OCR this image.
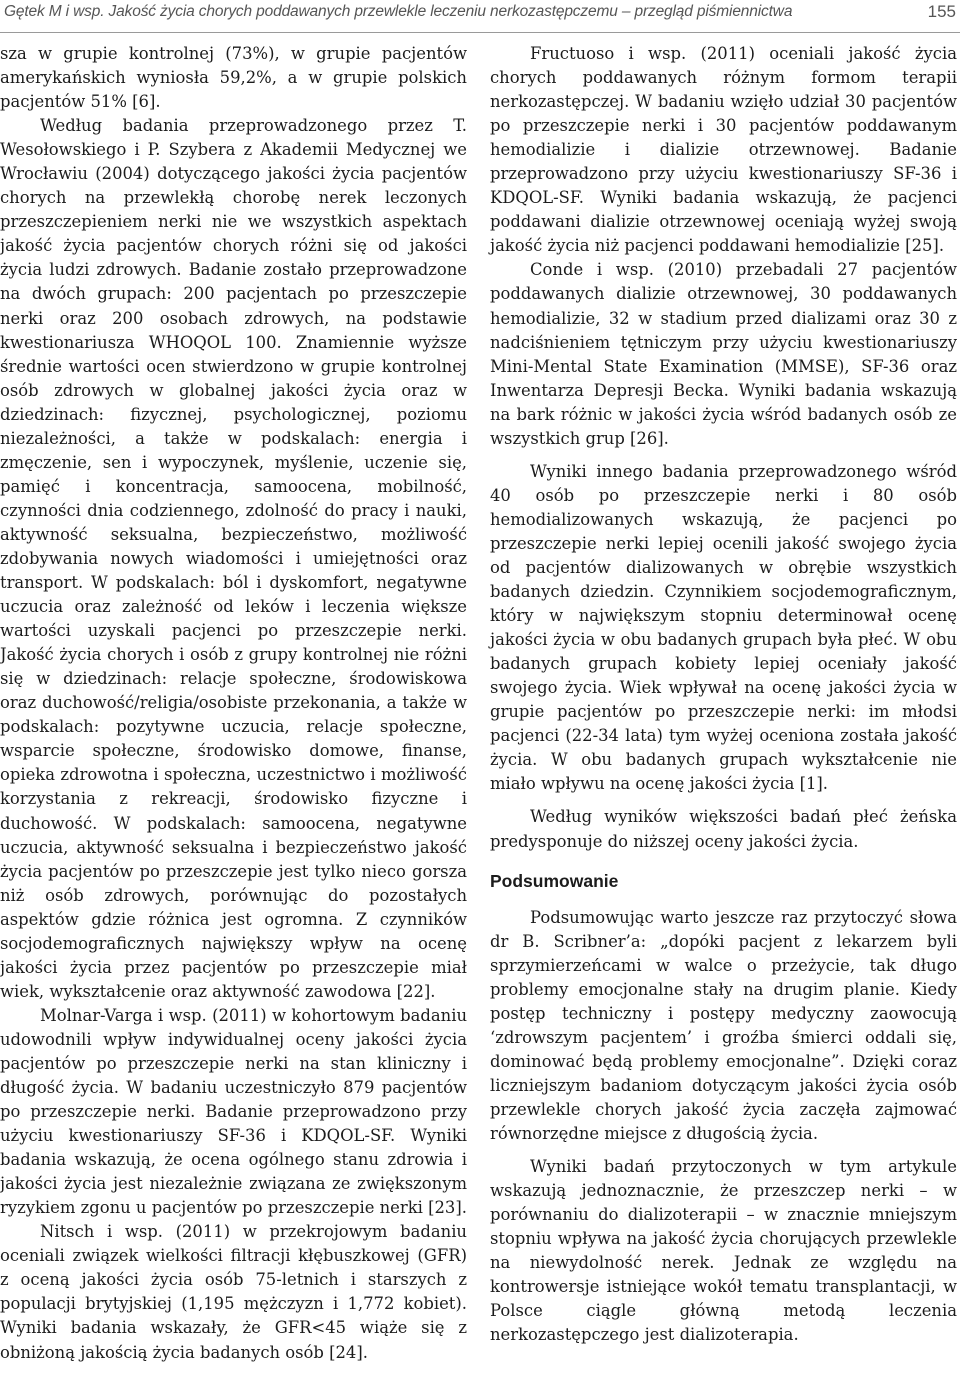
Gętek M i wsp. Jakość życia chorych poddawanych przewlekle leczeniu nerkozastępczemu – przegląd piśmiennictwa	155

sza w grupie kontrolnej (73%), w grupie pacjentów amerykańskich wyniosła 59,2%, a w grupie polskich pacjentów 51% [6].

Według badania przeprowadzonego przez T. Wesołowskiego i P. Szybera z Akademii Medycznej we Wrocławiu (2004) dotyczącego jakości życia pacjentów chorych na przewlekłą chorobę nerek leczonych przeszczepieniem nerki nie we wszystkich aspektach jakość życia pacjentów chorych różni się od jakości życia ludzi zdrowych. Badanie zostało przeprowadzone na dwóch grupach: 200 pacjentach po przeszczepie nerki oraz 200 osobach zdrowych, na podstawie kwestionariusza WHOQOL 100. Znamiennie wyższe średnie wartości ocen stwierdzono w grupie kontrolnej osób zdrowych w globalnej jakości życia oraz w dziedzinach: fizycznej, psychologicznej, poziomu niezależności, a także w podskalach: energia i zmęczenie, sen i wypoczynek, myślenie, uczenie się, pamięć i koncentracja, samoocena, mobilność, czynności dnia codziennego, zdolność do pracy i nauki, aktywność seksualna, bezpieczeństwo, możliwość zdobywania nowych wiadomości i umiejętności oraz transport. W podskalach: ból i dyskomfort, negatywne uczucia oraz zależność od leków i leczenia większe wartości uzyskali pacjenci po przeszczepie nerki. Jakość życia chorych i osób z grupy kontrolnej nie różni się w dziedzinach: relacje społeczne, środowiskowa oraz duchowość/religia/osobiste przekonania, a także w podskalach: pozytywne uczucia, relacje społeczne, wsparcie społeczne, środowisko domowe, finanse, opieka zdrowotna i społeczna, uczestnictwo i możliwość korzystania z rekreacji, środowisko fizyczne i duchowość. W podskalach: samoocena, negatywne uczucia, aktywność seksualna i bezpieczeństwo jakość życia pacjentów po przeszczepie jest tylko nieco gorsza niż osób zdrowych, porównując do pozostałych aspektów gdzie różnica jest ogromna. Z czynników socjodemograficznych największy wpływ na ocenę jakości życia przez pacjentów po przeszczepie miał wiek, wykształcenie oraz aktywność zawodowa [22].

Molnar-Varga i wsp. (2011) w kohortowym badaniu udowodnili wpływ indywidualnej oceny jakości życia pacjentów po przeszczepie nerki na stan kliniczny i długość życia. W badaniu uczestniczyło 879 pacjentów po przeszczepie nerki. Badanie przeprowadzono przy użyciu kwestionariuszy SF-36 i KDQOL-SF. Wyniki badania wskazują, że ocena ogólnego stanu zdrowia i jakości życia jest niezależnie związana ze zwiększonym ryzykiem zgonu u pacjentów po przeszczepie nerki [23].

Nitsch i wsp. (2011) w przekrojowym badaniu oceniali związek wielkości filtracji kłębuszkowej (GFR) z oceną jakości życia osób 75-letnich i starszych z populacji brytyjskiej (1,195 mężczyzn i 1,772 kobiet). Wyniki badania wskazały, że GFR<45 wiąże się z obniżoną jakością życia badanych osób [24].

Fructuoso i wsp. (2011) oceniali jakość życia chorych poddawanych różnym formom terapii nerkozastępczej. W badaniu wzięło udział 30 pacjentów po przeszczepie nerki i 30 pacjentów poddawanym hemodializie i dializie otrzewnowej. Badanie przeprowadzono przy użyciu kwestionariuszy SF-36 i KDQOL-SF. Wyniki badania wskazują, że pacjenci poddawani dializie otrzewnowej oceniają wyżej swoją jakość życia niż pacjenci poddawani hemodializie [25].

Conde i wsp. (2010) przebadali 27 pacjentów poddawanych dializie otrzewnowej, 30 poddawanych hemodializie, 32 w stadium przed dializami oraz 30 z nadciśnieniem tętniczym przy użyciu kwestionariuszy Mini-Mental State Examination (MMSE), SF-36 oraz Inwentarza Depresji Becka. Wyniki badania wskazują na bark różnic w jakości życia wśród badanych osób ze wszystkich grup [26].

Wyniki innego badania przeprowadzonego wśród 40 osób po przeszczepie nerki i 80 osób hemodializowanych wskazują, że pacjenci po przeszczepie nerki lepiej ocenili jakość swojego życia od pacjentów dializowanych w obrębie wszystkich badanych dziedzin. Czynnikiem socjodemograficznym, który w największym stopniu determinował ocenę jakości życia w obu badanych grupach była płeć. W obu badanych grupach kobiety lepiej oceniały jakość swojego życia. Wiek wpływał na ocenę jakości życia w grupie pacjentów po przeszczepie nerki: im młodsi pacjenci (22-34 lata) tym wyżej oceniona została jakość życia. W obu badanych grupach wykształcenie nie miało wpływu na ocenę jakości życia [1].

Według wyników większości badań płeć żeńska predysponuje do niższej oceny jakości życia.

Podsumowanie

Podsumowując warto jeszcze raz przytoczyć słowa dr B. Scribner’a: „dopóki pacjent z lekarzem byli sprzymierzeńcami w walce o przeżycie, tak długo problemy emocjonalne stały na drugim planie. Kiedy postęp techniczny i postępy medyczny zaowocują ‘zdrowszym pacjentem’ i groźba śmierci oddali się, dominować będą problemy emocjonalne”. Dzięki coraz liczniejszym badaniom dotyczącym jakości życia osób przewlekle chorych jakość życia zaczęła zajmować równorzędne miejsce z długością życia.

Wyniki badań przytoczonych w tym artykule wskazują jednoznacznie, że przeszczep nerki – w porównaniu do dializoterapii – w znacznie mniejszym stopniu wpływa na jakość życia chorujących przewlekle na niewydolność nerek. Jednak ze względu na kontrowersje istniejące wokół tematu transplantacji, w Polsce ciągle główną metodą leczenia nerkozastępczego jest dializoterapia.
